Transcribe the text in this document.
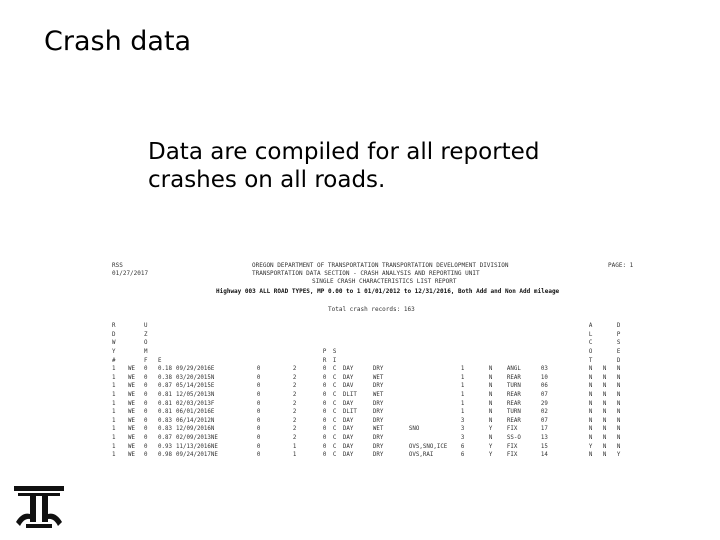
Crash data
Data are compiled for all reported crashes on all roads.
RSS
01/27/2017
OREGON DEPARTMENT OF TRANSPORTATION TRANSPORTATION DEVELOPMENT DIVISION
TRANSPORTATION DATA SECTION - CRASH ANALYSIS AND REPORTING UNIT
SINGLE CRASH CHARACTERISTICS LIST REPORT
Highway 003 ALL ROAD TYPES, MP 0.00 to 1 01/01/2012 to 12/31/2016, Both Add and Non Add mileage
PAGE: 1
Total crash records: 163
R		U															A		D
D		Z															L		P
W		O															C		S
Y		M						P	S								O		E
#		F	E					R	I								T		D
1	WE	0	0.18	09/29/2016	E	0	2	0	C	DAY	DRY		1	N	ANGL	03	N	N	N
1	WE	0	0.38	03/20/2015	N	0	2	0	C	DAY	WET		1	N	REAR	10	N	N	N
1	WE	0	0.87	05/14/2015	E	0	2	0	C	DAV	DRY		1	N	TURN	06	N	N	N
1	WE	0	0.81	12/05/2013	N	0	2	0	C	DLIT	WET		1	N	REAR	07	N	N	N
1	WE	0	0.81	02/03/2013	F	0	2	0	C	DAY	DRY		1	N	REAR	29	N	N	N
1	WE	0	0.81	06/01/2016	E	0	2	0	C	DLIT	DRY		1	N	TURN	02	N	N	N
1	WE	0	0.83	06/14/2012	N	0	2	0	C	DAY	DRY		3	N	REAR	07	N	N	N
1	WE	0	0.83	12/09/2016	N	0	2	0	C	DAY	WET	SNO	3	Y	FIX	17	N	N	N
1	WE	0	0.87	02/09/2013	NE	0	2	0	C	DAY	DRY		3	N	SS-O	13	N	N	N
1	WE	0	0.93	11/13/2016	NE	0	1	0	C	DAY	DRY	OVS,SNO,ICE	6	Y	FIX	15	Y	N	N
1	WE	0	0.98	09/24/2017	NE	0	1	0	C	DAY	DRY	OVS,RAI	6	Y	FIX	14	N	N	Y
